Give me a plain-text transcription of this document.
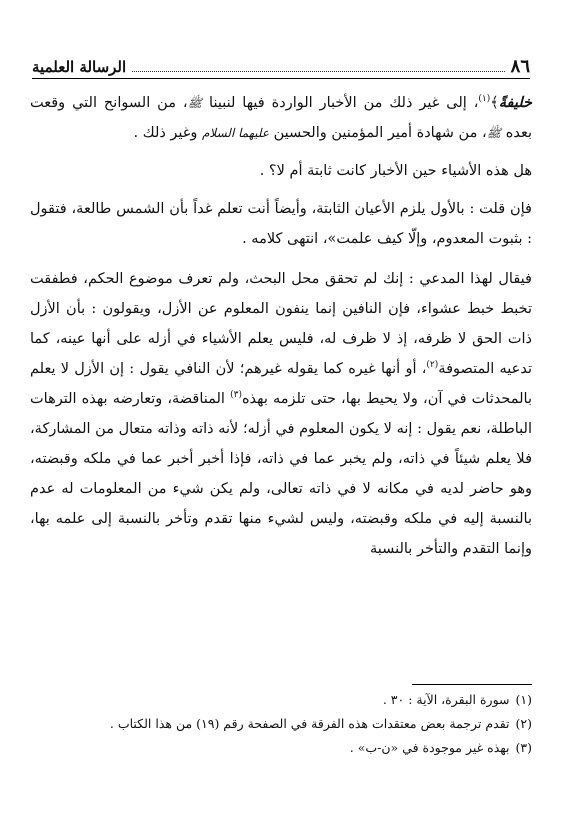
الرسالة العلمية	٨٦

خليفةً﴾$^{(١)}$، إلى غير ذلك من الأخبار الواردة فيها لنبينا ﷺ، من السوانح التي وقعت بعده ﷺ، من شهادة أمير المؤمنين والحسين عليهما السلام وغير ذلك .

هل هذه الأشياء حين الأخبار كانت ثابتة أم لا؟ .

فإن قلت : بالأول يلزم الأعيان الثابتة، وأيضاً أنت تعلم غداً بأن الشمس طالعة، فتقول : بثبوت المعدوم، وإلّا كيف علمت»، انتهى كلامه .

فيقال لهذا المدعي : إنك لم تحقق محل البحث، ولم تعرف موضوع الحكم، فطفقت تخبط خبط عشواء، فإن النافين إنما ينفون المعلوم عن الأزل، ويقولون : بأن الأزل ذات الحق لا ظرفه، إذ لا ظرف له، فليس يعلم الأشياء في أزله على أنها عينه، كما تدعيه المتصوفة$^{(٢)}$، أو أنها غيره كما يقوله غيرهم؛ لأن النافي يقول : إن الأزل لا يعلم بالمحدثات في آن، ولا يحيط بها، حتى تلزمه بهذه$^{(٣)}$ المناقضة، وتعارضه بهذه الترهات الباطلة، نعم يقول : إنه لا يكون المعلوم في أزله؛ لأنه ذاته وذاته متعال من المشاركة، فلا يعلم شيئاً في ذاته، ولم يخبر عما في ذاته، فإذا أخبر أخبر عما في ملكه وقبضته، وهو حاضر لديه في مكانه لا في ذاته تعالى، ولم يكن شيء من المعلومات له عدم بالنسبة إليه في ملكه وقبضته، وليس لشيء منها تقدم وتأخر بالنسبة إلى علمه بها، وإنما التقدم والتأخر بالنسبة

(١)
سورة البقرة، الآية : ٣٠ .
(٢)
تقدم ترجمة بعض معتقدات هذه الفرقة في الصفحة رقم (١٩) من هذا الكتاب .
(٣)
بهذه غير موجودة في «ن-ب» .
